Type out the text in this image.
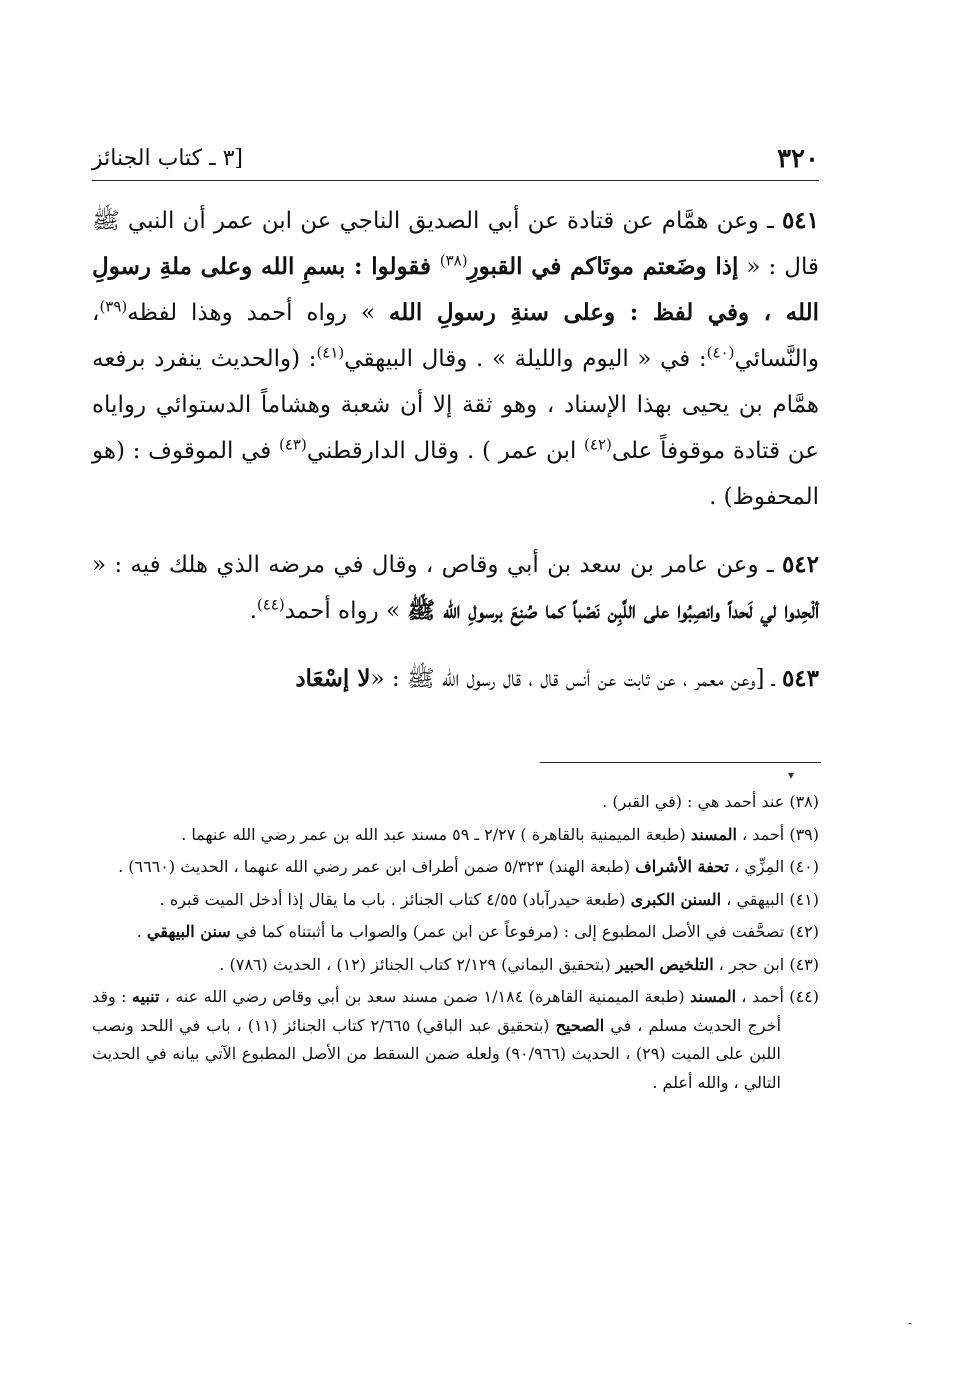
٣٢٠
[٣ ـ كتاب الجنائز

٥٤١ ـ وعن همَّام عن قتادة عن أبي الصديق الناجي عن ابن عمر أن النبي ﷺ قال : « إذا وضَعتم موتَاكم في القبورِ$^{(٣٨)}$ فقولوا : بسمِ الله وعلى ملةِ رسولِ الله ، وفي لفظ : وعلى سنةِ رسولِ الله » رواه أحمد وهذا لفظه$^{(٣٩)}$، والنَّسائي$^{(٤٠)}$: في « اليوم والليلة » . وقال البيهقي$^{(٤١)}$: (والحديث ينفرد برفعه همَّام بن يحيى بهذا الإسناد ، وهو ثقة إلا أن شعبة وهشاماً الدستوائي رواياه عن قتادة موقوفاً على$^{(٤٢)}$ ابن عمر ) . وقال الدارقطني$^{(٤٣)}$ في الموقوف : (هو المحفوظ) .

٥٤٢ ـ وعن عامر بن سعد بن أبي وقاص ، وقال في مرضه الذي هلك فيه : « ألْحِدوا لي لَحداً وانصِبُوا على اللَّبِن نَصْباً كما صُنِعَ برسولِ الله ﷺ » رواه أحمد$^{(٤٤)}$.

٥٤٣ ـ [وعن معمر ، عن ثابت عن أنس قال ، قال رسول الله ﷺ : «لا إسْعَاد

(٣٨) عند أحمد هي : (في القبر) .

(٣٩) أحمد ، المسند (طبعة الميمنية بالقاهرة ) ٢/٢٧ ـ ٥٩ مسند عبد الله بن عمر رضي الله عنهما .

(٤٠) المِزِّي ، تحفة الأشراف (طبعة الهند) ٥/٣٢٣ ضمن أطراف ابن عمر رضي الله عنهما ، الحديث (٦٦٦٠) .

(٤١) البيهقي ، السنن الكبرى (طبعة حيدرآباد) ٤/٥٥ كتاب الجنائز . باب ما يقال إذا أدخل الميت قبره .

(٤٢) تصحَّفت في الأصل المطبوع إلى : (مرفوعاً عن ابن عمر) والصواب ما أثبتناه كما في سنن البيهقي .

(٤٣) ابن حجر ، التلخيص الحبير (بتحقيق اليماني) ٢/١٢٩ كتاب الجنائز (١٢) ، الحديث (٧٨٦) .

(٤٤) أحمد ، المسند (طبعة الميمنية القاهرة) ١/١٨٤ ضمن مسند سعد بن أبي وقاص رضي الله عنه ، تنبيه : وقد أخرج الحديث مسلم ، في الصحيح (بتحقيق عبد الباقي) ٢/٦٦٥ كتاب الجنائز (١١) ، باب في اللحد ونصب اللبن على الميت (٢٩) ، الحديث (٩٠/٩٦٦) ولعله ضمن السقط من الأصل المطبوع الآتي بيانه في الحديث التالي ، والله أعلم .

▾
-
